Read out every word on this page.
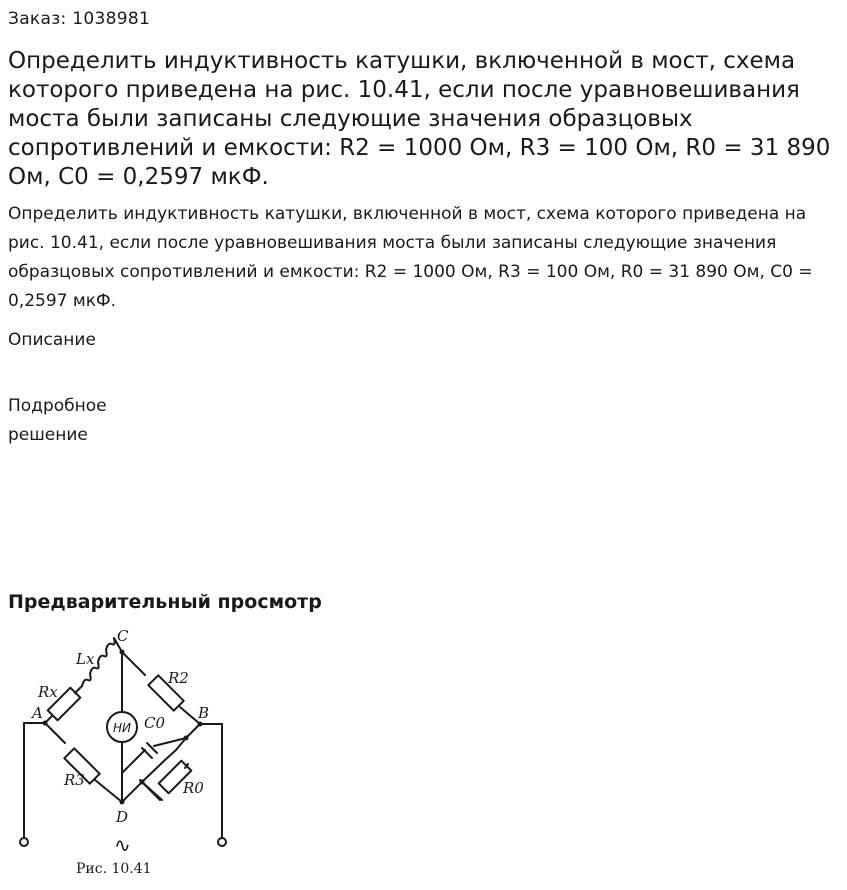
Заказ: 1038981
Определить индуктивность катушки, включенной в мост, схема которого приведена на рис. 10.41, если после уравновешивания моста были записаны следующие значения образцовых сопротивлений и емкости: R2 = 1000 Ом, R3 = 100 Ом, R0 = 31 890 Ом, C0 = 0,2597 мкФ.

Определить индуктивность катушки, включенной в мост, схема которого приведена на рис. 10.41, если после уравновешивания моста были записаны следующие значения образцовых сопротивлений и емкости: R2 = 1000 Ом, R3 = 100 Ом, R0 = 31 890 Ом, C0 = 0,2597 мкФ.

Описание
Подробное решение
Предварительный просмотр
C
A	B
D
Lx
Rx
R2
R3
C0
R0
НИ
∿
Рис. 10.41
